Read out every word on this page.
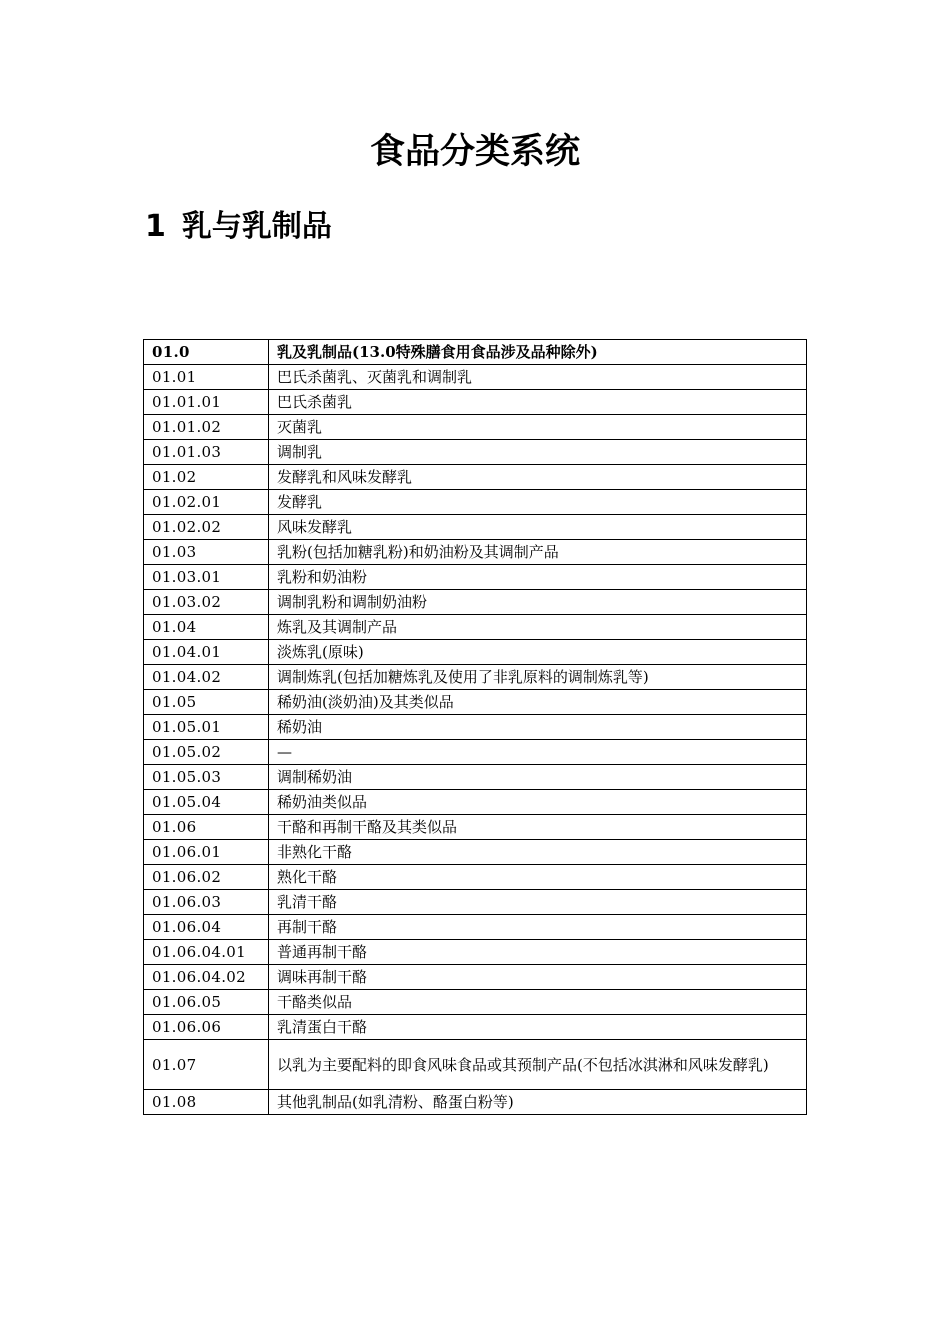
食品分类系统
1 乳与乳制品
01.0	乳及乳制品(13.0特殊膳食用食品涉及品种除外)
01.01	巴氏杀菌乳、灭菌乳和调制乳
01.01.01	巴氏杀菌乳
01.01.02	灭菌乳
01.01.03	调制乳
01.02	发酵乳和风味发酵乳
01.02.01	发酵乳
01.02.02	风味发酵乳
01.03	乳粉(包括加糖乳粉)和奶油粉及其调制产品
01.03.01	乳粉和奶油粉
01.03.02	调制乳粉和调制奶油粉
01.04	炼乳及其调制产品
01.04.01	淡炼乳(原味)
01.04.02	调制炼乳(包括加糖炼乳及使用了非乳原料的调制炼乳等)
01.05	稀奶油(淡奶油)及其类似品
01.05.01	稀奶油
01.05.02	—
01.05.03	调制稀奶油
01.05.04	稀奶油类似品
01.06	干酪和再制干酪及其类似品
01.06.01	非熟化干酪
01.06.02	熟化干酪
01.06.03	乳清干酪
01.06.04	再制干酪
01.06.04.01	普通再制干酪
01.06.04.02	调味再制干酪
01.06.05	干酪类似品
01.06.06	乳清蛋白干酪
01.07	以乳为主要配料的即食风味食品或其预制产品(不包括冰淇淋和风味发酵乳)
01.08	其他乳制品(如乳清粉、酪蛋白粉等)
